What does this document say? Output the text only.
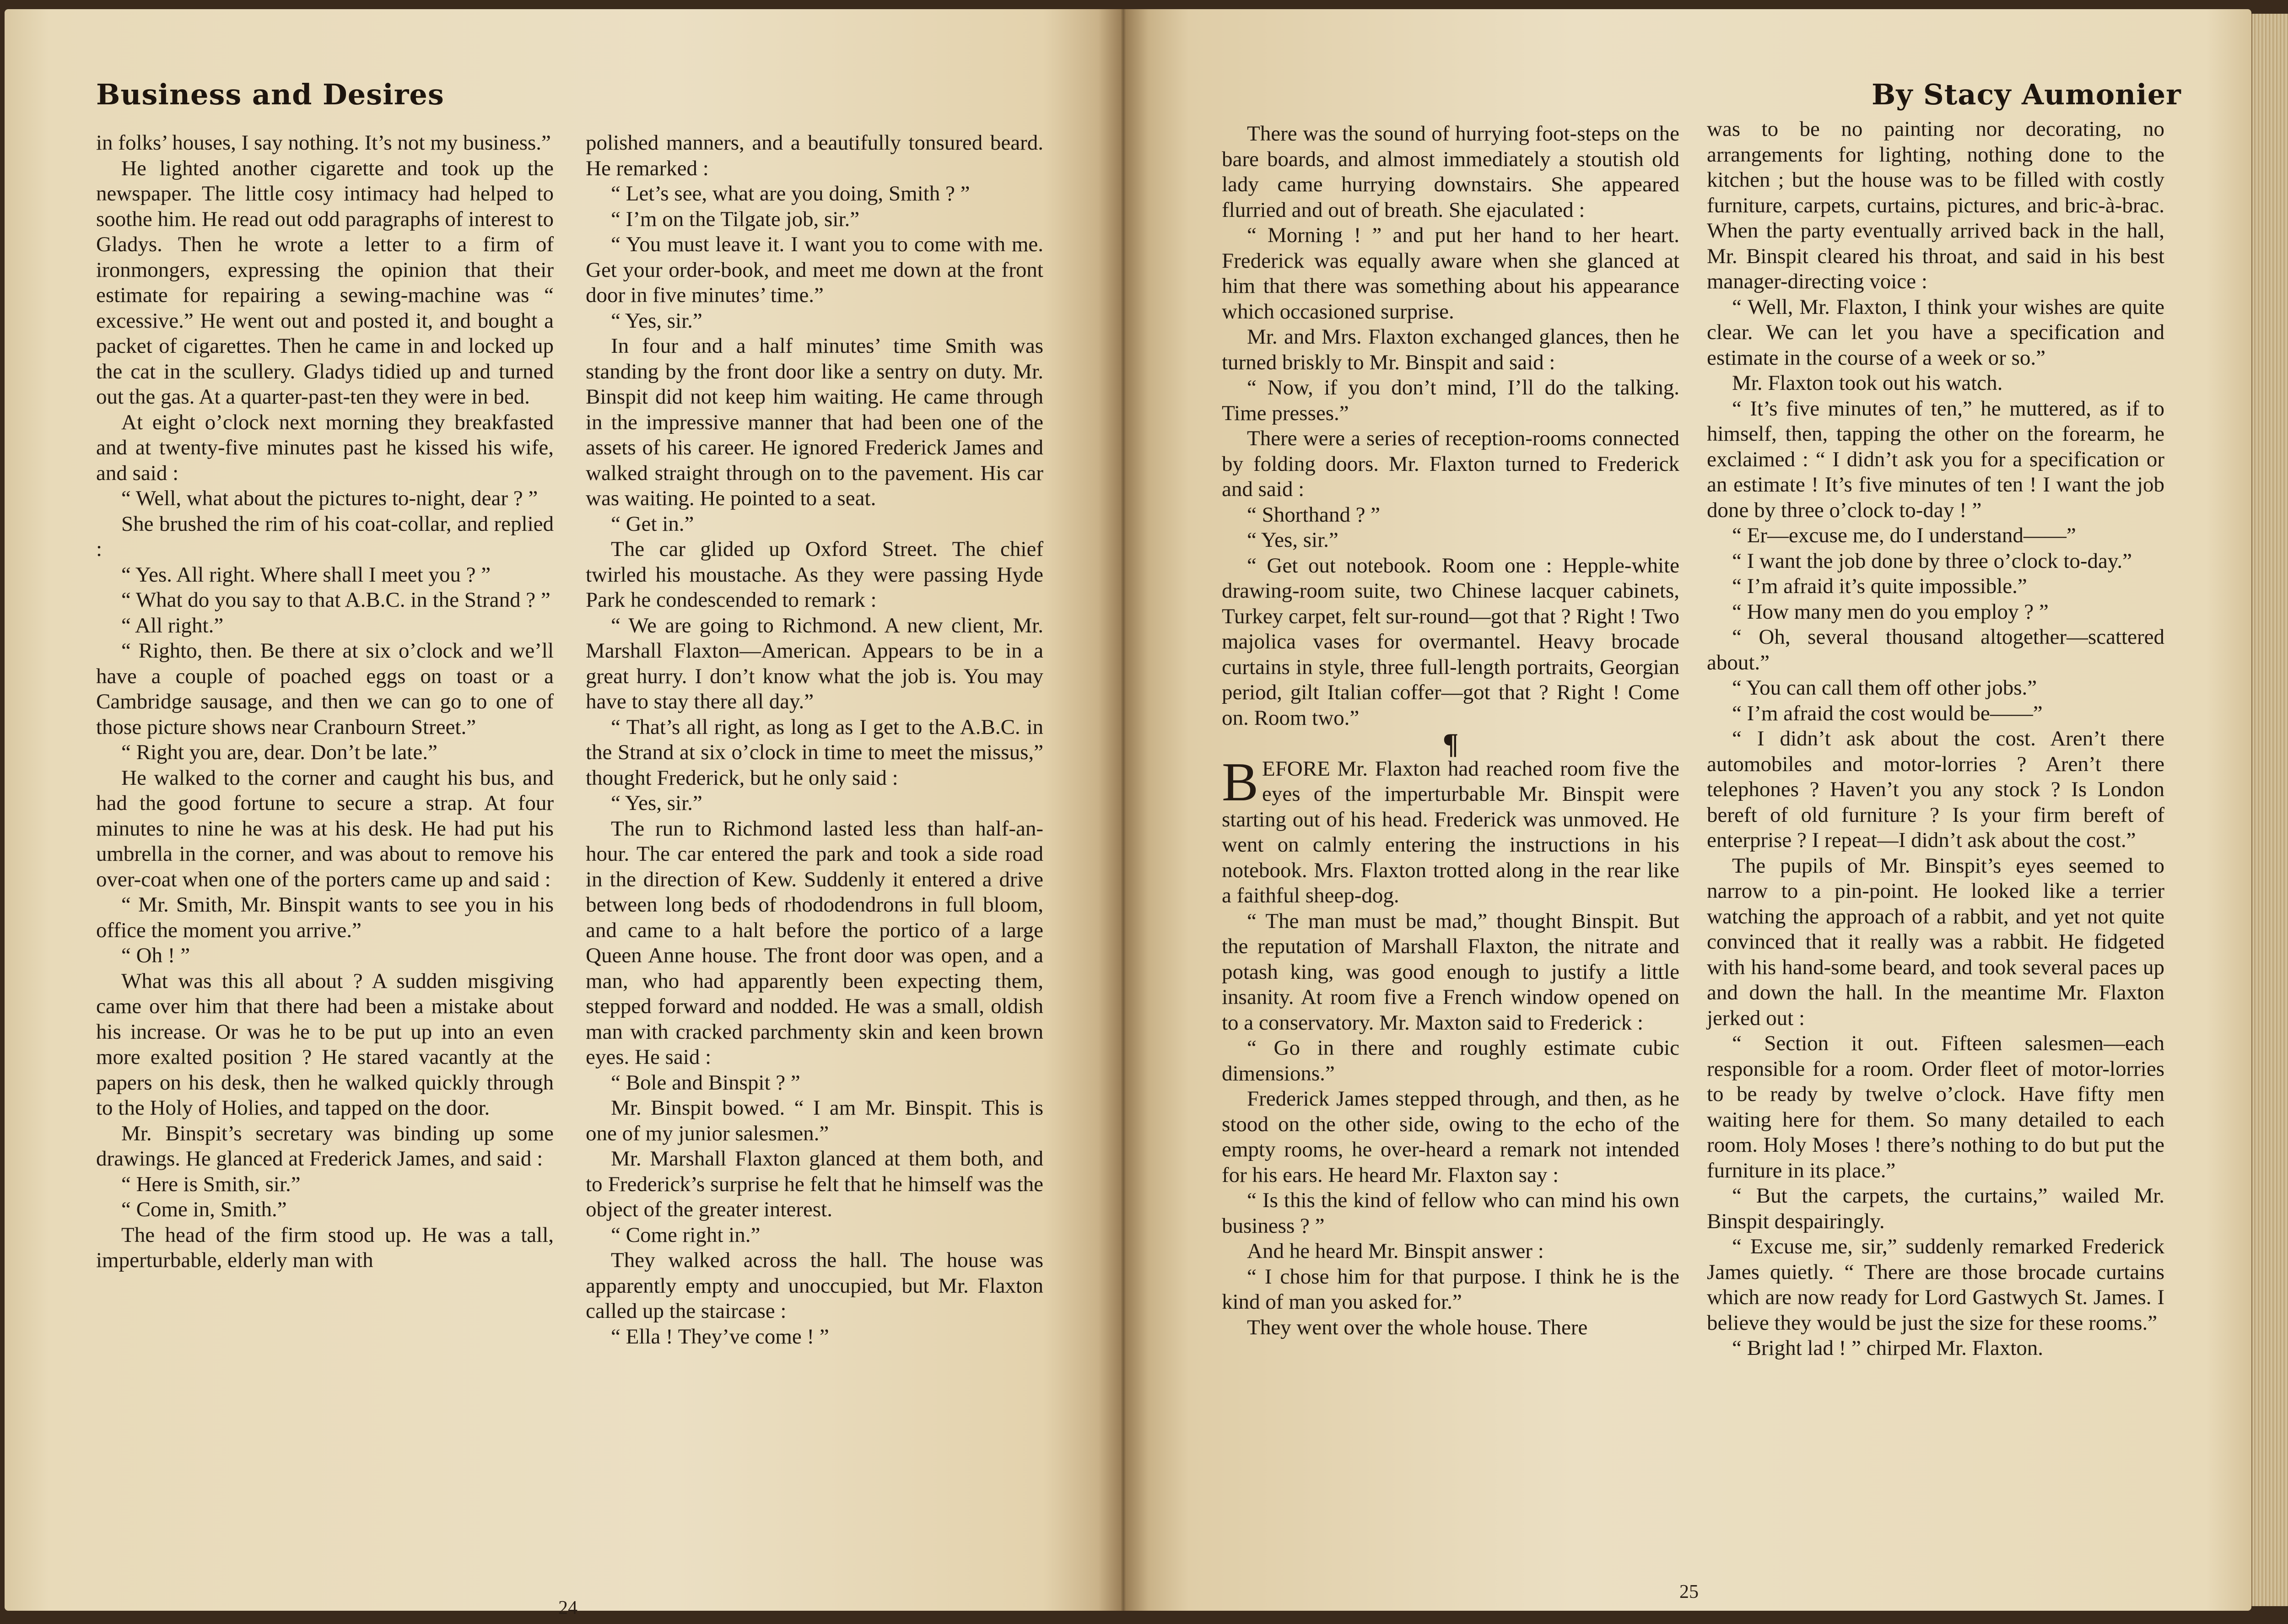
Business and Desires	By Stacy Aumonier

in folks’ houses, I say nothing. It’s not my business.”

He lighted another cigarette and took up the newspaper. The little cosy intimacy had helped to soothe him. He read out odd paragraphs of interest to Gladys. Then he wrote a letter to a firm of ironmongers, expressing the opinion that their estimate for repairing a sewing-machine was “ excessive.” He went out and posted it, and bought a packet of cigarettes. Then he came in and locked up the cat in the scullery. Gladys tidied up and turned out the gas. At a quarter-past-ten they were in bed.

At eight o’clock next morning they breakfasted and at twenty-five minutes past he kissed his wife, and said :

“ Well, what about the pictures to-night, dear ? ”

She brushed the rim of his coat-collar, and replied :

“ Yes. All right. Where shall I meet you ? ”

“ What do you say to that A.B.C. in the Strand ? ”

“ All right.”

“ Righto, then. Be there at six o’clock and we’ll have a couple of poached eggs on toast or a Cambridge sausage, and then we can go to one of those picture shows near Cranbourn Street.”

“ Right you are, dear. Don’t be late.”

He walked to the corner and caught his bus, and had the good fortune to secure a strap. At four minutes to nine he was at his desk. He had put his umbrella in the corner, and was about to remove his over-coat when one of the porters came up and said :

“ Mr. Smith, Mr. Binspit wants to see you in his office the moment you arrive.”

“ Oh ! ”

What was this all about ? A sudden misgiving came over him that there had been a mistake about his increase. Or was he to be put up into an even more exalted position ? He stared vacantly at the papers on his desk, then he walked quickly through to the Holy of Holies, and tapped on the door.

Mr. Binspit’s secretary was binding up some drawings. He glanced at Frederick James, and said :

“ Here is Smith, sir.”

“ Come in, Smith.”

The head of the firm stood up. He was a tall, imperturbable, elderly man with

polished manners, and a beautifully tonsured beard. He remarked :

“ Let’s see, what are you doing, Smith ? ”

“ I’m on the Tilgate job, sir.”

“ You must leave it. I want you to come with me. Get your order-book, and meet me down at the front door in five minutes’ time.”

“ Yes, sir.”

In four and a half minutes’ time Smith was standing by the front door like a sentry on duty. Mr. Binspit did not keep him waiting. He came through in the impressive manner that had been one of the assets of his career. He ignored Frederick James and walked straight through on to the pavement. His car was waiting. He pointed to a seat.

“ Get in.”

The car glided up Oxford Street. The chief twirled his moustache. As they were passing Hyde Park he condescended to remark :

“ We are going to Richmond. A new client, Mr. Marshall Flaxton—American. Appears to be in a great hurry. I don’t know what the job is. You may have to stay there all day.”

“ That’s all right, as long as I get to the A.B.C. in the Strand at six o’clock in time to meet the missus,” thought Frederick, but he only said :

“ Yes, sir.”

The run to Richmond lasted less than half-an-hour. The car entered the park and took a side road in the direction of Kew. Suddenly it entered a drive between long beds of rhododendrons in full bloom, and came to a halt before the portico of a large Queen Anne house. The front door was open, and a man, who had apparently been expecting them, stepped forward and nodded. He was a small, oldish man with cracked parchmenty skin and keen brown eyes. He said :

“ Bole and Binspit ? ”

Mr. Binspit bowed. “ I am Mr. Binspit. This is one of my junior salesmen.”

Mr. Marshall Flaxton glanced at them both, and to Frederick’s surprise he felt that he himself was the object of the greater interest.

“ Come right in.”

They walked across the hall. The house was apparently empty and unoccupied, but Mr. Flaxton called up the staircase :

“ Ella ! They’ve come ! ”

There was the sound of hurrying foot-steps on the bare boards, and almost immediately a stoutish old lady came hurrying downstairs. She appeared flurried and out of breath. She ejaculated :

“ Morning ! ” and put her hand to her heart. Frederick was equally aware when she glanced at him that there was something about his appearance which occasioned surprise.

Mr. and Mrs. Flaxton exchanged glances, then he turned briskly to Mr. Binspit and said :

“ Now, if you don’t mind, I’ll do the talking. Time presses.”

There were a series of reception-rooms connected by folding doors. Mr. Flaxton turned to Frederick and said :

“ Shorthand ? ”

“ Yes, sir.”

“ Get out notebook. Room one : Hepple-white drawing-room suite, two Chinese lacquer cabinets, Turkey carpet, felt sur-round—got that ? Right ! Two majolica vases for overmantel. Heavy brocade curtains in style, three full-length portraits, Georgian period, gilt Italian coffer—got that ? Right ! Come on. Room two.”

¶

BEFORE Mr. Flaxton had reached room five the eyes of the imperturbable Mr. Binspit were starting out of his head. Frederick was unmoved. He went on calmly entering the instructions in his notebook. Mrs. Flaxton trotted along in the rear like a faithful sheep-dog.

“ The man must be mad,” thought Binspit. But the reputation of Marshall Flaxton, the nitrate and potash king, was good enough to justify a little insanity. At room five a French window opened on to a conservatory. Mr. Maxton said to Frederick :

“ Go in there and roughly estimate cubic dimensions.”

Frederick James stepped through, and then, as he stood on the other side, owing to the echo of the empty rooms, he over-heard a remark not intended for his ears. He heard Mr. Flaxton say :

“ Is this the kind of fellow who can mind his own business ? ”

And he heard Mr. Binspit answer :

“ I chose him for that purpose. I think he is the kind of man you asked for.”

They went over the whole house. There

was to be no painting nor decorating, no arrangements for lighting, nothing done to the kitchen ; but the house was to be filled with costly furniture, carpets, curtains, pictures, and bric-à-brac. When the party eventually arrived back in the hall, Mr. Binspit cleared his throat, and said in his best manager-directing voice :

“ Well, Mr. Flaxton, I think your wishes are quite clear. We can let you have a specification and estimate in the course of a week or so.”

Mr. Flaxton took out his watch.

“ It’s five minutes of ten,” he muttered, as if to himself, then, tapping the other on the forearm, he exclaimed : “ I didn’t ask you for a specification or an estimate ! It’s five minutes of ten ! I want the job done by three o’clock to-day ! ”

“ Er—excuse me, do I understand——”

“ I want the job done by three o’clock to-day.”

“ I’m afraid it’s quite impossible.”

“ How many men do you employ ? ”

“ Oh, several thousand altogether—scattered about.”

“ You can call them off other jobs.”

“ I’m afraid the cost would be——”

“ I didn’t ask about the cost. Aren’t there automobiles and motor-lorries ? Aren’t there telephones ? Haven’t you any stock ? Is London bereft of old furniture ? Is your firm bereft of enterprise ? I repeat—I didn’t ask about the cost.”

The pupils of Mr. Binspit’s eyes seemed to narrow to a pin-point. He looked like a terrier watching the approach of a rabbit, and yet not quite convinced that it really was a rabbit. He fidgeted with his hand-some beard, and took several paces up and down the hall. In the meantime Mr. Flaxton jerked out :

“ Section it out. Fifteen salesmen—each responsible for a room. Order fleet of motor-lorries to be ready by twelve o’clock. Have fifty men waiting here for them. So many detailed to each room. Holy Moses ! there’s nothing to do but put the furniture in its place.”

“ But the carpets, the curtains,” wailed Mr. Binspit despairingly.

“ Excuse me, sir,” suddenly remarked Frederick James quietly. “ There are those brocade curtains which are now ready for Lord Gastwych St. James. I believe they would be just the size for these rooms.”

“ Bright lad ! ” chirped Mr. Flaxton.

24
25
